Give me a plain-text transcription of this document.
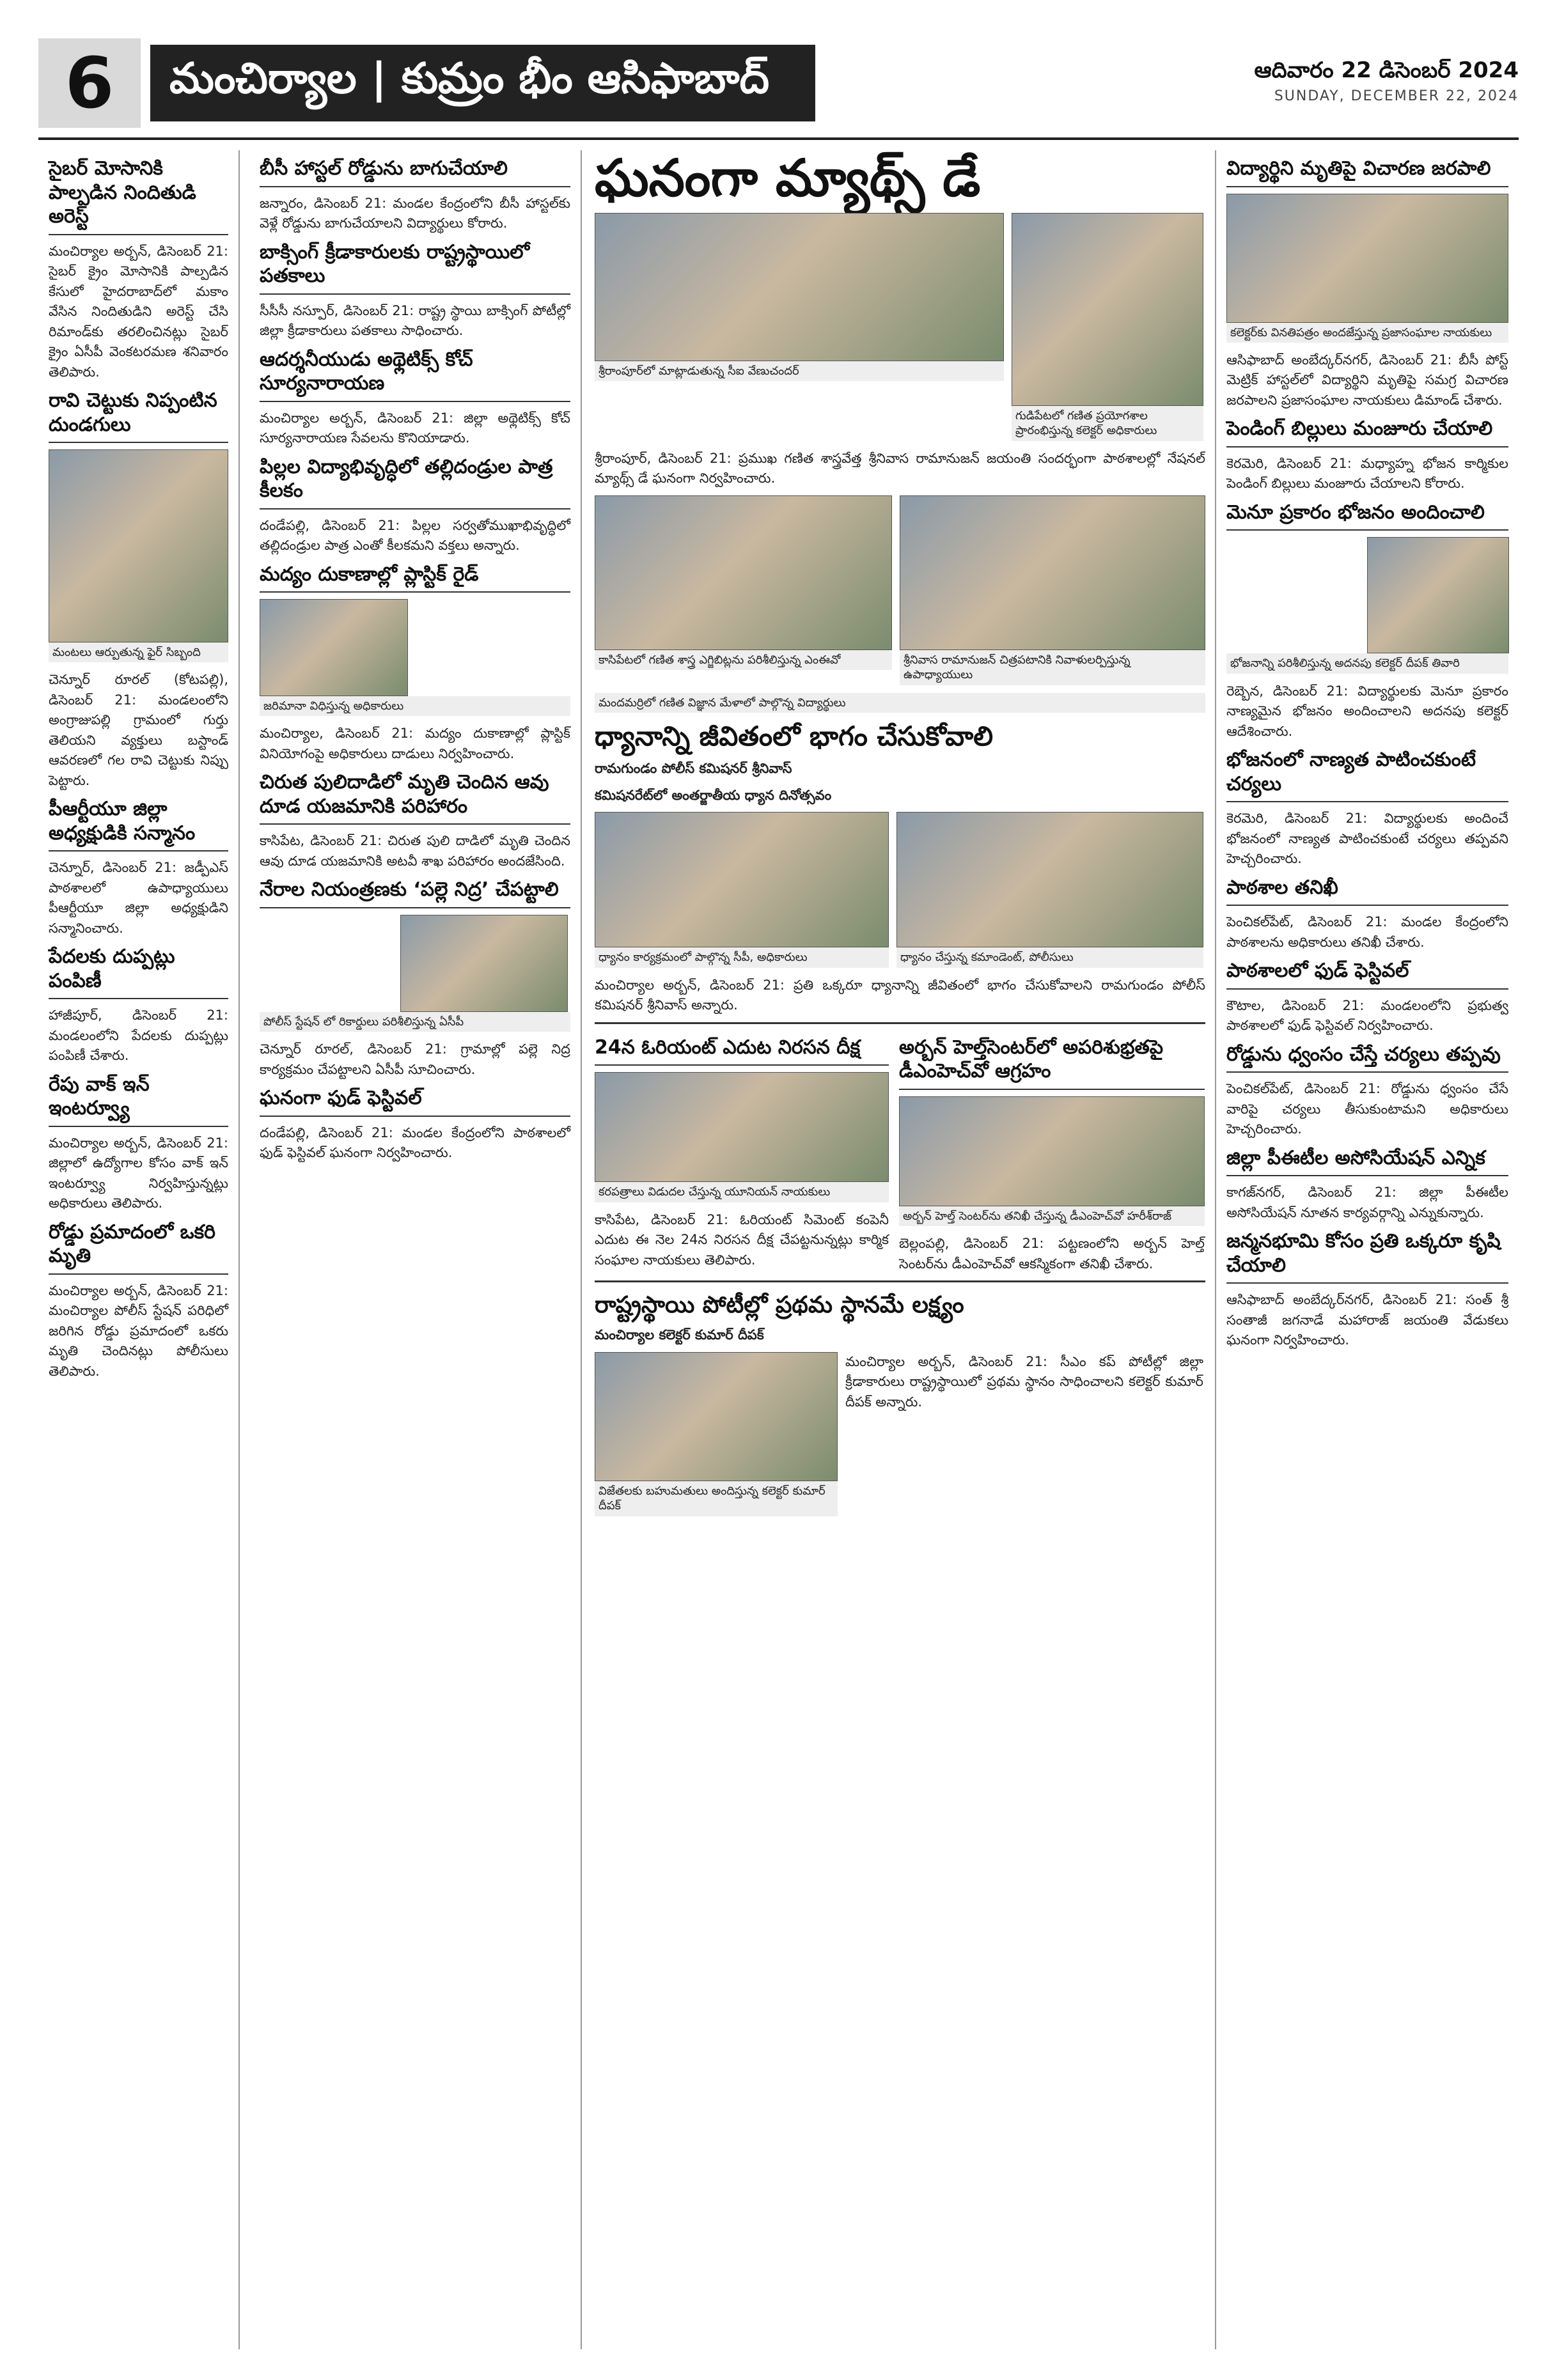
6	మంచిర్యాల | కుమ్రం భీం ఆసిఫాబాద్	ఆదివారం 22 డిసెంబర్ 2024
SUNDAY, DECEMBER 22, 2024
సైబర్ మోసానికి పాల్పడిన నిందితుడి అరెస్ట్
మంచిర్యాల అర్బన్, డిసెంబర్ 21: సైబర్ క్రైం మోసానికి పాల్పడిన కేసులో హైదరాబాద్‌లో మకాం వేసిన నిందితుడిని అరెస్ట్ చేసి రిమాండ్‌కు తరలించినట్లు సైబర్ క్రైం ఏసీపీ వెంకటరమణ శనివారం తెలిపారు.
రావి చెట్టుకు నిప్పంటిన దుండగులు
మంటలు ఆర్పుతున్న ఫైర్ సిబ్బంది
చెన్నూర్ రూరల్ (కోటపల్లి), డిసెంబర్ 21: మండలంలోని అంగ్రాజుపల్లి గ్రామంలో గుర్తు తెలియని వ్యక్తులు బస్టాండ్ ఆవరణలో గల రావి చెట్టుకు నిప్పు పెట్టారు.
పీఆర్టీయూ జిల్లా అధ్యక్షుడికి సన్మానం
చెన్నూర్, డిసెంబర్ 21: జడ్పీఎస్ పాఠశాలలో ఉపాధ్యాయులు పీఆర్టీయూ జిల్లా అధ్యక్షుడిని సన్మానించారు.
పేదలకు దుప్పట్లు పంపిణీ
హాజీపూర్, డిసెంబర్ 21: మండలంలోని పేదలకు దుప్పట్లు పంపిణీ చేశారు.
రేపు వాక్ ఇన్ ఇంటర్వ్యూ
మంచిర్యాల అర్బన్, డిసెంబర్ 21: జిల్లాలో ఉద్యోగాల కోసం వాక్ ఇన్ ఇంటర్వ్యూ నిర్వహిస్తున్నట్లు అధికారులు తెలిపారు.
రోడ్డు ప్రమాదంలో ఒకరి మృతి
మంచిర్యాల అర్బన్, డిసెంబర్ 21: మంచిర్యాల పోలీస్ స్టేషన్ పరిధిలో జరిగిన రోడ్డు ప్రమాదంలో ఒకరు మృతి చెందినట్లు పోలీసులు తెలిపారు.
బీసీ హాస్టల్ రోడ్డును బాగుచేయాలి
జన్నారం, డిసెంబర్ 21: మండల కేంద్రంలోని బీసీ హాస్టల్‌కు వెళ్లే రోడ్డును బాగుచేయాలని విద్యార్థులు కోరారు.
బాక్సింగ్ క్రీడాకారులకు రాష్ట్రస్థాయిలో పతకాలు
సీసీసీ నస్పూర్, డిసెంబర్ 21: రాష్ట్ర స్థాయి బాక్సింగ్ పోటీల్లో జిల్లా క్రీడాకారులు పతకాలు సాధించారు.
ఆదర్శనీయుడు అథ్లెటిక్స్ కోచ్ సూర్యనారాయణ
మంచిర్యాల అర్బన్, డిసెంబర్ 21: జిల్లా అథ్లెటిక్స్ కోచ్ సూర్యనారాయణ సేవలను కొనియాడారు.
పిల్లల విద్యాభివృద్ధిలో తల్లిదండ్రుల పాత్ర కీలకం
దండేపల్లి, డిసెంబర్ 21: పిల్లల సర్వతోముఖాభివృద్ధిలో తల్లిదండ్రుల పాత్ర ఎంతో కీలకమని వక్తలు అన్నారు.
మద్యం దుకాణాల్లో ప్లాస్టిక్ రైడ్
జరిమానా విధిస్తున్న అధికారులు
మంచిర్యాల, డిసెంబర్ 21: మద్యం దుకాణాల్లో ప్లాస్టిక్ వినియోగంపై అధికారులు దాడులు నిర్వహించారు.
చిరుత పులిదాడిలో మృతి చెందిన ఆవు దూడ యజమానికి పరిహారం
కాసిపేట, డిసెంబర్ 21: చిరుత పులి దాడిలో మృతి చెందిన ఆవు దూడ యజమానికి అటవీ శాఖ పరిహారం అందజేసింది.
నేరాల నియంత్రణకు ‘పల్లె నిద్ర’ చేపట్టాలి
పోలీస్ స్టేషన్ లో రికార్డులు పరిశీలిస్తున్న ఏసీపీ
చెన్నూర్ రూరల్, డిసెంబర్ 21: గ్రామాల్లో పల్లె నిద్ర కార్యక్రమం చేపట్టాలని ఏసీపీ సూచించారు.
ఘనంగా ఫుడ్ ఫెస్టివల్
దండేపల్లి, డిసెంబర్ 21: మండల కేంద్రంలోని పాఠశాలలో ఫుడ్ ఫెస్టివల్ ఘనంగా నిర్వహించారు.
ఘనంగా మ్యాథ్స్ డే
శ్రీరాంపూర్‌లో మాట్లాడుతున్న సీఐ వేణుచందర్
గుడిపేటలో గణిత ప్రయోగశాల ప్రారంభిస్తున్న కలెక్టర్ అధికారులు
శ్రీరాంపూర్, డిసెంబర్ 21: ప్రముఖ గణిత శాస్త్రవేత్త శ్రీనివాస రామానుజన్ జయంతి సందర్భంగా పాఠశాలల్లో నేషనల్ మ్యాథ్స్ డే ఘనంగా నిర్వహించారు.
కాసిపేటలో గణిత శాస్త్ర ఎగ్జిబిట్లను పరిశీలిస్తున్న ఎంఈవో	శ్రీనివాస రామానుజన్ చిత్రపటానికి నివాళులర్పిస్తున్న ఉపాధ్యాయులు
మందమర్రిలో గణిత విజ్ఞాన మేళాలో పాల్గొన్న విద్యార్థులు
ధ్యానాన్ని జీవితంలో భాగం చేసుకోవాలి
రామగుండం పోలీస్ కమిషనర్ శ్రీనివాస్
కమిషనరేట్‌లో అంతర్జాతీయ ధ్యాన దినోత్సవం
ధ్యానం కార్యక్రమంలో పాల్గొన్న సీపీ, అధికారులు	ధ్యానం చేస్తున్న కమాండెంట్, పోలీసులు
మంచిర్యాల అర్బన్, డిసెంబర్ 21: ప్రతి ఒక్కరూ ధ్యానాన్ని జీవితంలో భాగం చేసుకోవాలని రామగుండం పోలీస్ కమిషనర్ శ్రీనివాస్ అన్నారు.
24న ఓరియంట్ ఎదుట నిరసన దీక్ష
కరపత్రాలు విడుదల చేస్తున్న యూనియన్ నాయకులు
కాసిపేట, డిసెంబర్ 21: ఓరియంట్ సిమెంట్ కంపెనీ ఎదుట ఈ నెల 24న నిరసన దీక్ష చేపట్టనున్నట్లు కార్మిక సంఘాల నాయకులు తెలిపారు.
అర్బన్ హెల్త్‌సెంటర్‌లో అపరిశుభ్రతపై డీఎంహెచ్‌వో ఆగ్రహం
అర్బన్ హెల్త్ సెంటర్‌ను తనిఖీ చేస్తున్న డీఎంహెచ్‌వో హరీశ్‌రాజ్
బెల్లంపల్లి, డిసెంబర్ 21: పట్టణంలోని అర్బన్ హెల్త్ సెంటర్‌ను డీఎంహెచ్‌వో ఆకస్మికంగా తనిఖీ చేశారు.
రాష్ట్రస్థాయి పోటీల్లో ప్రథమ స్థానమే లక్ష్యం
మంచిర్యాల కలెక్టర్ కుమార్ దీపక్
విజేతలకు బహుమతులు అందిస్తున్న కలెక్టర్ కుమార్ దీపక్
మంచిర్యాల అర్బన్, డిసెంబర్ 21: సీఎం కప్ పోటీల్లో జిల్లా క్రీడాకారులు రాష్ట్రస్థాయిలో ప్రథమ స్థానం సాధించాలని కలెక్టర్ కుమార్ దీపక్ అన్నారు.
విద్యార్థిని మృతిపై విచారణ జరపాలి
కలెక్టర్‌కు వినతిపత్రం అందజేస్తున్న ప్రజాసంఘాల నాయకులు
ఆసిఫాబాద్ అంబేద్కర్‌నగర్, డిసెంబర్ 21: బీసీ పోస్ట్ మెట్రిక్ హాస్టల్‌లో విద్యార్థిని మృతిపై సమగ్ర విచారణ జరపాలని ప్రజాసంఘాల నాయకులు డిమాండ్ చేశారు.
పెండింగ్ బిల్లులు మంజూరు చేయాలి
కెరమెరి, డిసెంబర్ 21: మధ్యాహ్న భోజన కార్మికుల పెండింగ్ బిల్లులు మంజూరు చేయాలని కోరారు.
మెనూ ప్రకారం భోజనం అందించాలి
భోజనాన్ని పరిశీలిస్తున్న అదనపు కలెక్టర్ దీపక్ తివారి
రెబ్బెన, డిసెంబర్ 21: విద్యార్థులకు మెనూ ప్రకారం నాణ్యమైన భోజనం అందించాలని అదనపు కలెక్టర్ ఆదేశించారు.
భోజనంలో నాణ్యత పాటించకుంటే చర్యలు
కెరమెరి, డిసెంబర్ 21: విద్యార్థులకు అందించే భోజనంలో నాణ్యత పాటించకుంటే చర్యలు తప్పవని హెచ్చరించారు.
పాఠశాల తనిఖీ
పెంచికల్‌పేట్, డిసెంబర్ 21: మండల కేంద్రంలోని పాఠశాలను అధికారులు తనిఖీ చేశారు.
పాఠశాలలో ఫుడ్ ఫెస్టివల్
కౌటాల, డిసెంబర్ 21: మండలంలోని ప్రభుత్వ పాఠశాలలో ఫుడ్ ఫెస్టివల్ నిర్వహించారు.
రోడ్డును ధ్వంసం చేస్తే చర్యలు తప్పవు
పెంచికల్‌పేట్, డిసెంబర్ 21: రోడ్డును ధ్వంసం చేసే వారిపై చర్యలు తీసుకుంటామని అధికారులు హెచ్చరించారు.
జిల్లా పీఈటీల అసోసియేషన్ ఎన్నిక
కాగజ్‌నగర్, డిసెంబర్ 21: జిల్లా పీఈటీల అసోసియేషన్ నూతన కార్యవర్గాన్ని ఎన్నుకున్నారు.
జన్మనభూమి కోసం ప్రతి ఒక్కరూ కృషి చేయాలి
ఆసిఫాబాద్ అంబేద్కర్‌నగర్, డిసెంబర్ 21: సంత్ శ్రీ సంతాజీ జగనాడే మహారాజ్ జయంతి వేడుకలు ఘనంగా నిర్వహించారు.
